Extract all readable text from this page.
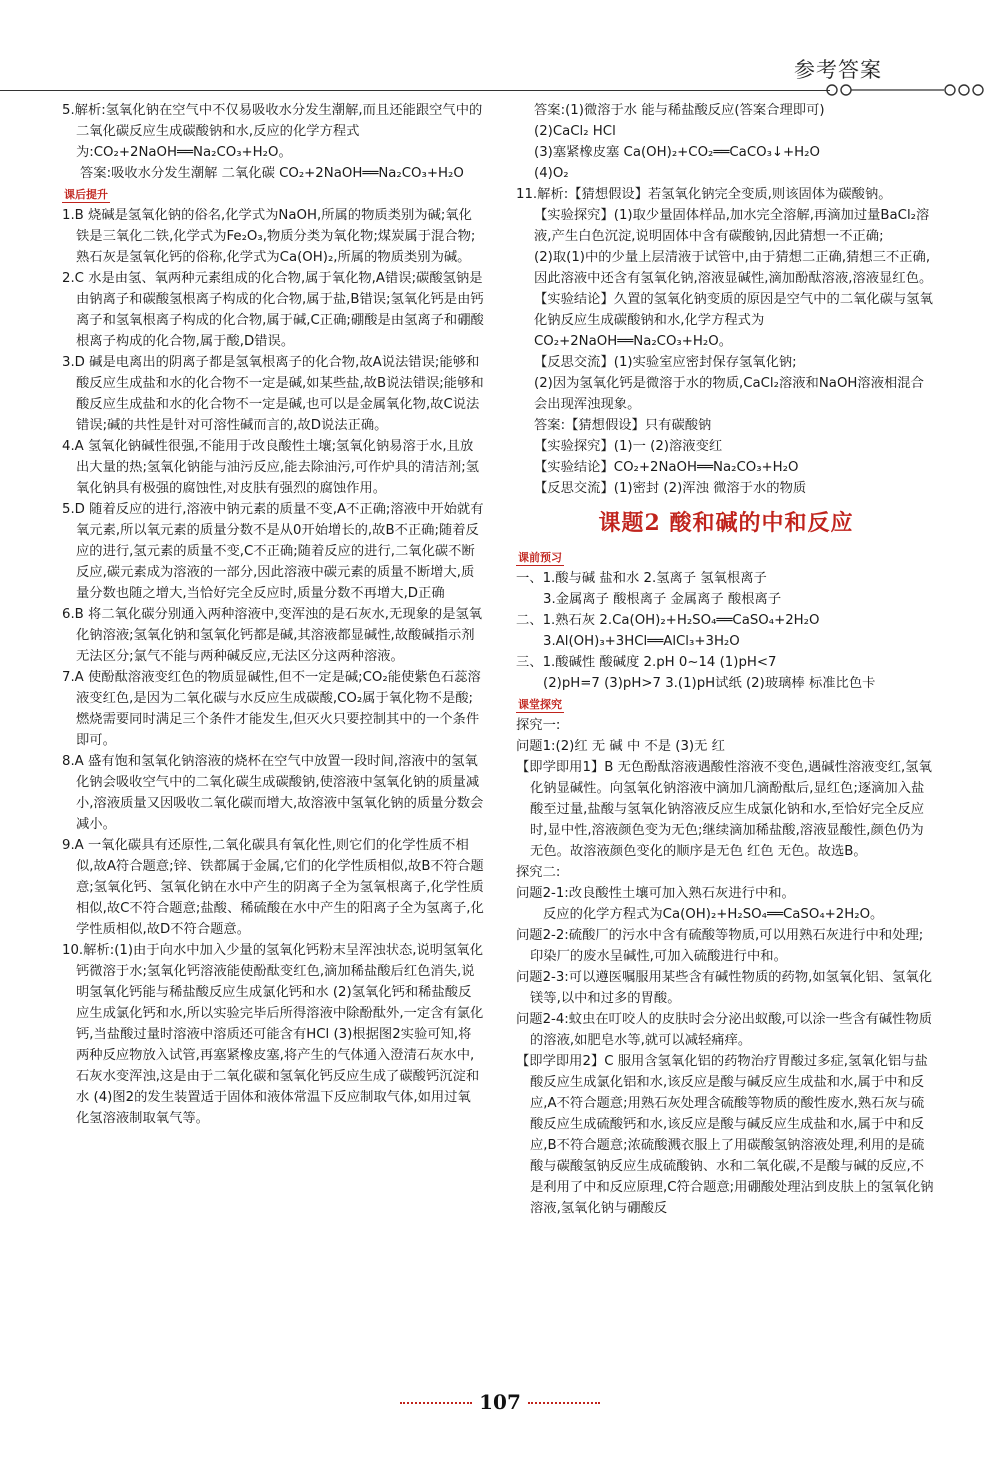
参考答案
5.解析:氢氧化钠在空气中不仅易吸收水分发生潮解,而且还能跟空气中的二氧化碳反应生成碳酸钠和水,反应的化学方程式为:CO₂+2NaOH══Na₂CO₃+H₂O。
答案:吸收水分发生潮解 二氧化碳 CO₂+2NaOH══Na₂CO₃+H₂O
课后提升
1.B 烧碱是氢氧化钠的俗名,化学式为NaOH,所属的物质类别为碱;氧化铁是三氧化二铁,化学式为Fe₂O₃,物质分类为氧化物;煤炭属于混合物;熟石灰是氢氧化钙的俗称,化学式为Ca(OH)₂,所属的物质类别为碱。
2.C 水是由氢、氧两种元素组成的化合物,属于氧化物,A错误;碳酸氢钠是由钠离子和碳酸氢根离子构成的化合物,属于盐,B错误;氢氧化钙是由钙离子和氢氧根离子构成的化合物,属于碱,C正确;硼酸是由氢离子和硼酸根离子构成的化合物,属于酸,D错误。
3.D 碱是电离出的阴离子都是氢氧根离子的化合物,故A说法错误;能够和酸反应生成盐和水的化合物不一定是碱,如某些盐,故B说法错误;能够和酸反应生成盐和水的化合物不一定是碱,也可以是金属氧化物,故C说法错误;碱的共性是针对可溶性碱而言的,故D说法正确。
4.A 氢氧化钠碱性很强,不能用于改良酸性土壤;氢氧化钠易溶于水,且放出大量的热;氢氧化钠能与油污反应,能去除油污,可作炉具的清洁剂;氢氧化钠具有极强的腐蚀性,对皮肤有强烈的腐蚀作用。
5.D 随着反应的进行,溶液中钠元素的质量不变,A不正确;溶液中开始就有氧元素,所以氧元素的质量分数不是从0开始增长的,故B不正确;随着反应的进行,氢元素的质量不变,C不正确;随着反应的进行,二氧化碳不断反应,碳元素成为溶液的一部分,因此溶液中碳元素的质量不断增大,质量分数也随之增大,当恰好完全反应时,质量分数不再增大,D正确
6.B 将二氧化碳分别通入两种溶液中,变浑浊的是石灰水,无现象的是氢氧化钠溶液;氢氧化钠和氢氧化钙都是碱,其溶液都显碱性,故酸碱指示剂无法区分;氯气不能与两种碱反应,无法区分这两种溶液。
7.A 使酚酞溶液变红色的物质显碱性,但不一定是碱;CO₂能使紫色石蕊溶液变红色,是因为二氧化碳与水反应生成碳酸,CO₂属于氧化物不是酸;燃烧需要同时满足三个条件才能发生,但灭火只要控制其中的一个条件即可。
8.A 盛有饱和氢氧化钠溶液的烧杯在空气中放置一段时间,溶液中的氢氧化钠会吸收空气中的二氧化碳生成碳酸钠,使溶液中氢氧化钠的质量减小,溶液质量又因吸收二氧化碳而增大,故溶液中氢氧化钠的质量分数会减小。
9.A 一氧化碳具有还原性,二氧化碳具有氧化性,则它们的化学性质不相似,故A符合题意;锌、铁都属于金属,它们的化学性质相似,故B不符合题意;氢氧化钙、氢氧化钠在水中产生的阴离子全为氢氧根离子,化学性质相似,故C不符合题意;盐酸、稀硫酸在水中产生的阳离子全为氢离子,化学性质相似,故D不符合题意。
10.解析:(1)由于向水中加入少量的氢氧化钙粉末呈浑浊状态,说明氢氧化钙微溶于水;氢氧化钙溶液能使酚酞变红色,滴加稀盐酸后红色消失,说明氢氧化钙能与稀盐酸反应生成氯化钙和水 (2)氢氧化钙和稀盐酸反应生成氯化钙和水,所以实验完毕后所得溶液中除酚酞外,一定含有氯化钙,当盐酸过量时溶液中溶质还可能含有HCl (3)根据图2实验可知,将两种反应物放入试管,再塞紧橡皮塞,将产生的气体通入澄清石灰水中,石灰水变浑浊,这是由于二氧化碳和氢氧化钙反应生成了碳酸钙沉淀和水 (4)图2的发生装置适于固体和液体常温下反应制取气体,如用过氧化氢溶液制取氧气等。
答案:(1)微溶于水 能与稀盐酸反应(答案合理即可)
(2)CaCl₂ HCl
(3)塞紧橡皮塞 Ca(OH)₂+CO₂══CaCO₃↓+H₂O
(4)O₂
11.解析:【猜想假设】若氢氧化钠完全变质,则该固体为碳酸钠。
【实验探究】(1)取少量固体样品,加水完全溶解,再滴加过量BaCl₂溶液,产生白色沉淀,说明固体中含有碳酸钠,因此猜想一不正确;
(2)取(1)中的少量上层清液于试管中,由于猜想二正确,猜想三不正确,因此溶液中还含有氢氧化钠,溶液显碱性,滴加酚酞溶液,溶液显红色。
【实验结论】久置的氢氧化钠变质的原因是空气中的二氧化碳与氢氧化钠反应生成碳酸钠和水,化学方程式为CO₂+2NaOH══Na₂CO₃+H₂O。
【反思交流】(1)实验室应密封保存氢氧化钠;
(2)因为氢氧化钙是微溶于水的物质,CaCl₂溶液和NaOH溶液相混合会出现浑浊现象。
答案:【猜想假设】只有碳酸钠
【实验探究】(1)一 (2)溶液变红
【实验结论】CO₂+2NaOH══Na₂CO₃+H₂O
【反思交流】(1)密封 (2)浑浊 微溶于水的物质
课题2 酸和碱的中和反应
课前预习
一、1.酸与碱 盐和水 2.氢离子 氢氧根离子
3.金属离子 酸根离子 金属离子 酸根离子
二、1.熟石灰 2.Ca(OH)₂+H₂SO₄══CaSO₄+2H₂O
3.Al(OH)₃+3HCl══AlCl₃+3H₂O
三、1.酸碱性 酸碱度 2.pH 0~14 (1)pH<7
(2)pH=7 (3)pH>7 3.(1)pH试纸 (2)玻璃棒 标准比色卡
课堂探究
探究一:
问题1:(2)红 无 碱 中 不是 (3)无 红
【即学即用1】B 无色酚酞溶液遇酸性溶液不变色,遇碱性溶液变红,氢氧化钠显碱性。向氢氧化钠溶液中滴加几滴酚酞后,显红色;逐滴加入盐酸至过量,盐酸与氢氧化钠溶液反应生成氯化钠和水,至恰好完全反应时,显中性,溶液颜色变为无色;继续滴加稀盐酸,溶液显酸性,颜色仍为无色。故溶液颜色变化的顺序是无色 红色 无色。故选B。
探究二:
问题2-1:改良酸性土壤可加入熟石灰进行中和。
反应的化学方程式为Ca(OH)₂+H₂SO₄══CaSO₄+2H₂O。
问题2-2:硫酸厂的污水中含有硫酸等物质,可以用熟石灰进行中和处理;印染厂的废水呈碱性,可加入硫酸进行中和。
问题2-3:可以遵医嘱服用某些含有碱性物质的药物,如氢氧化铝、氢氧化镁等,以中和过多的胃酸。
问题2-4:蚊虫在叮咬人的皮肤时会分泌出蚁酸,可以涂一些含有碱性物质的溶液,如肥皂水等,就可以减轻痛痒。
【即学即用2】C 服用含氢氧化铝的药物治疗胃酸过多症,氢氧化铝与盐酸反应生成氯化铝和水,该反应是酸与碱反应生成盐和水,属于中和反应,A不符合题意;用熟石灰处理含硫酸等物质的酸性废水,熟石灰与硫酸反应生成硫酸钙和水,该反应是酸与碱反应生成盐和水,属于中和反应,B不符合题意;浓硫酸溅衣服上了用碳酸氢钠溶液处理,利用的是硫酸与碳酸氢钠反应生成硫酸钠、水和二氧化碳,不是酸与碱的反应,不是利用了中和反应原理,C符合题意;用硼酸处理沾到皮肤上的氢氧化钠溶液,氢氧化钠与硼酸反
107
